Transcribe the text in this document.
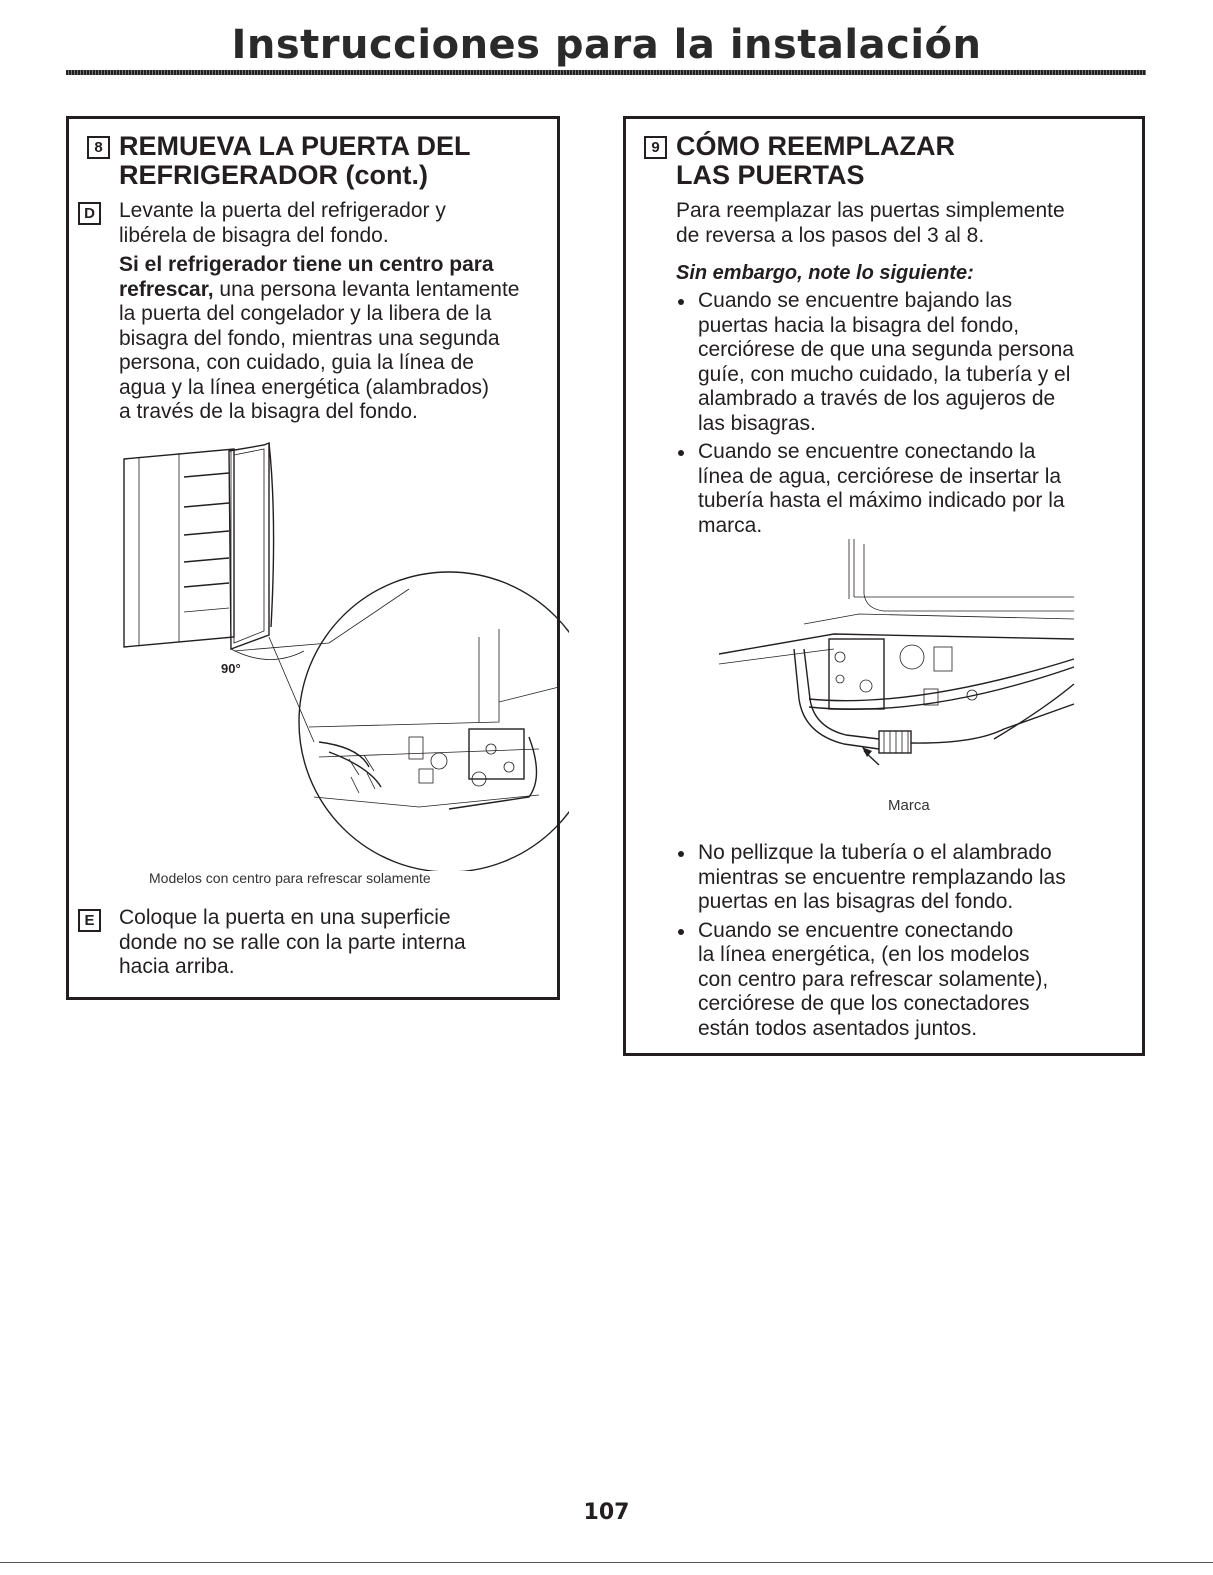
Instrucciones para la instalación
8 REMUEVA LA PUERTA DEL
REFRIGERADOR (cont.)
D Levante la puerta del refrigerador y
libérela de bisagra del fondo.

Si el refrigerador tiene un centro para
refrescar, una persona levanta lentamente
la puerta del congelador y la libera de la
bisagra del fondo, mientras una segunda
persona, con cuidado, guia la línea de
agua y la línea energética (alambrados)
a través de la bisagra del fondo.

90°
Modelos con centro para refrescar solamente
E	Coloque la puerta en una superficie
donde no se ralle con la parte interna
hacia arriba.

9 CÓMO REEMPLAZAR
LAS PUERTAS

Para reemplazar las puertas simplemente
de reversa a los pasos del 3 al 8.

Sin embargo, note lo siguiente:

Cuando se encuentre bajando las
puertas hacia la bisagra del fondo,
cerciórese de que una segunda persona
guíe, con mucho cuidado, la tubería y el
alambrado a través de los agujeros de
las bisagras.
Cuando se encuentre conectando la
línea de agua, cerciórese de insertar la
tubería hasta el máximo indicado por la
marca.
Marca
No pellizque la tubería o el alambrado
mientras se encuentre remplazando las
puertas en las bisagras del fondo.
Cuando se encuentre conectando
la línea energética, (en los modelos
con centro para refrescar solamente),
cerciórese de que los conectadores
están todos asentados juntos.
107
